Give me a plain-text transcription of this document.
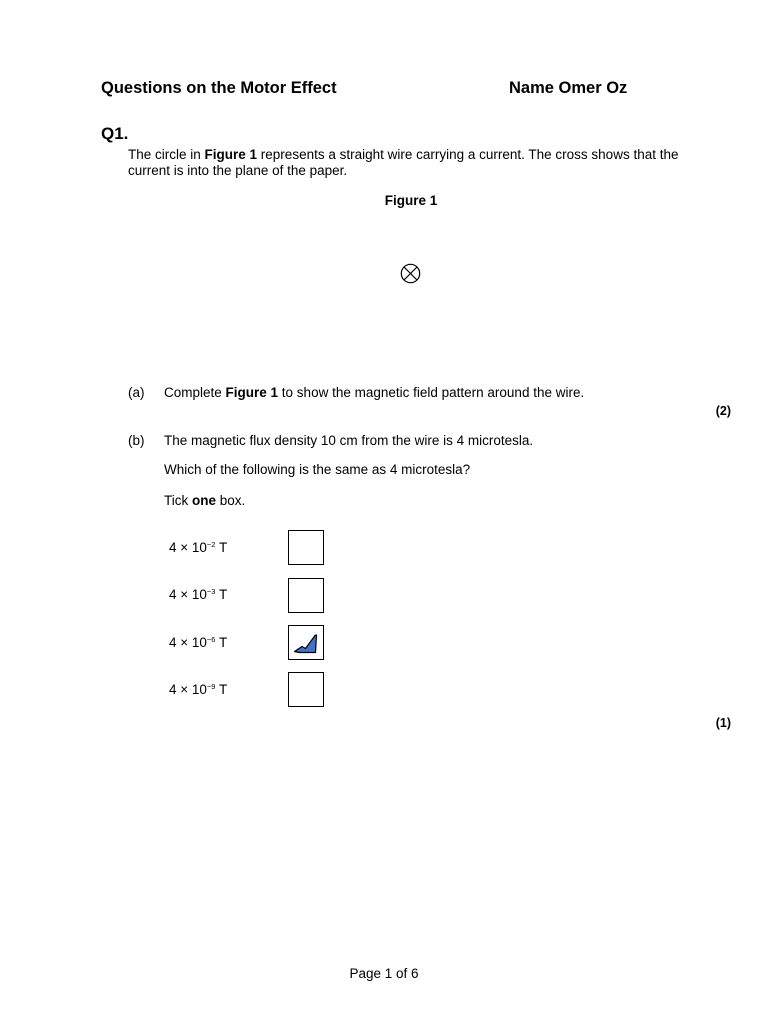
Questions on the Motor Effect	Name Omer Oz
Q1.
The circle in Figure 1 represents a straight wire carrying a current. The cross shows that the current is into the plane of the paper.
Figure 1
(a) Complete Figure 1 to show the magnetic field pattern around the wire.
(2)
(b) The magnetic flux density 10 cm from the wire is 4 microtesla.
Which of the following is the same as 4 microtesla?
Tick one box.
$4 \times 10^{-2}$ T
$4 \times 10^{-3}$ T
$4 \times 10^{-6}$ T
$4 \times 10^{-9}$ T
(1)
Page 1 of 6
